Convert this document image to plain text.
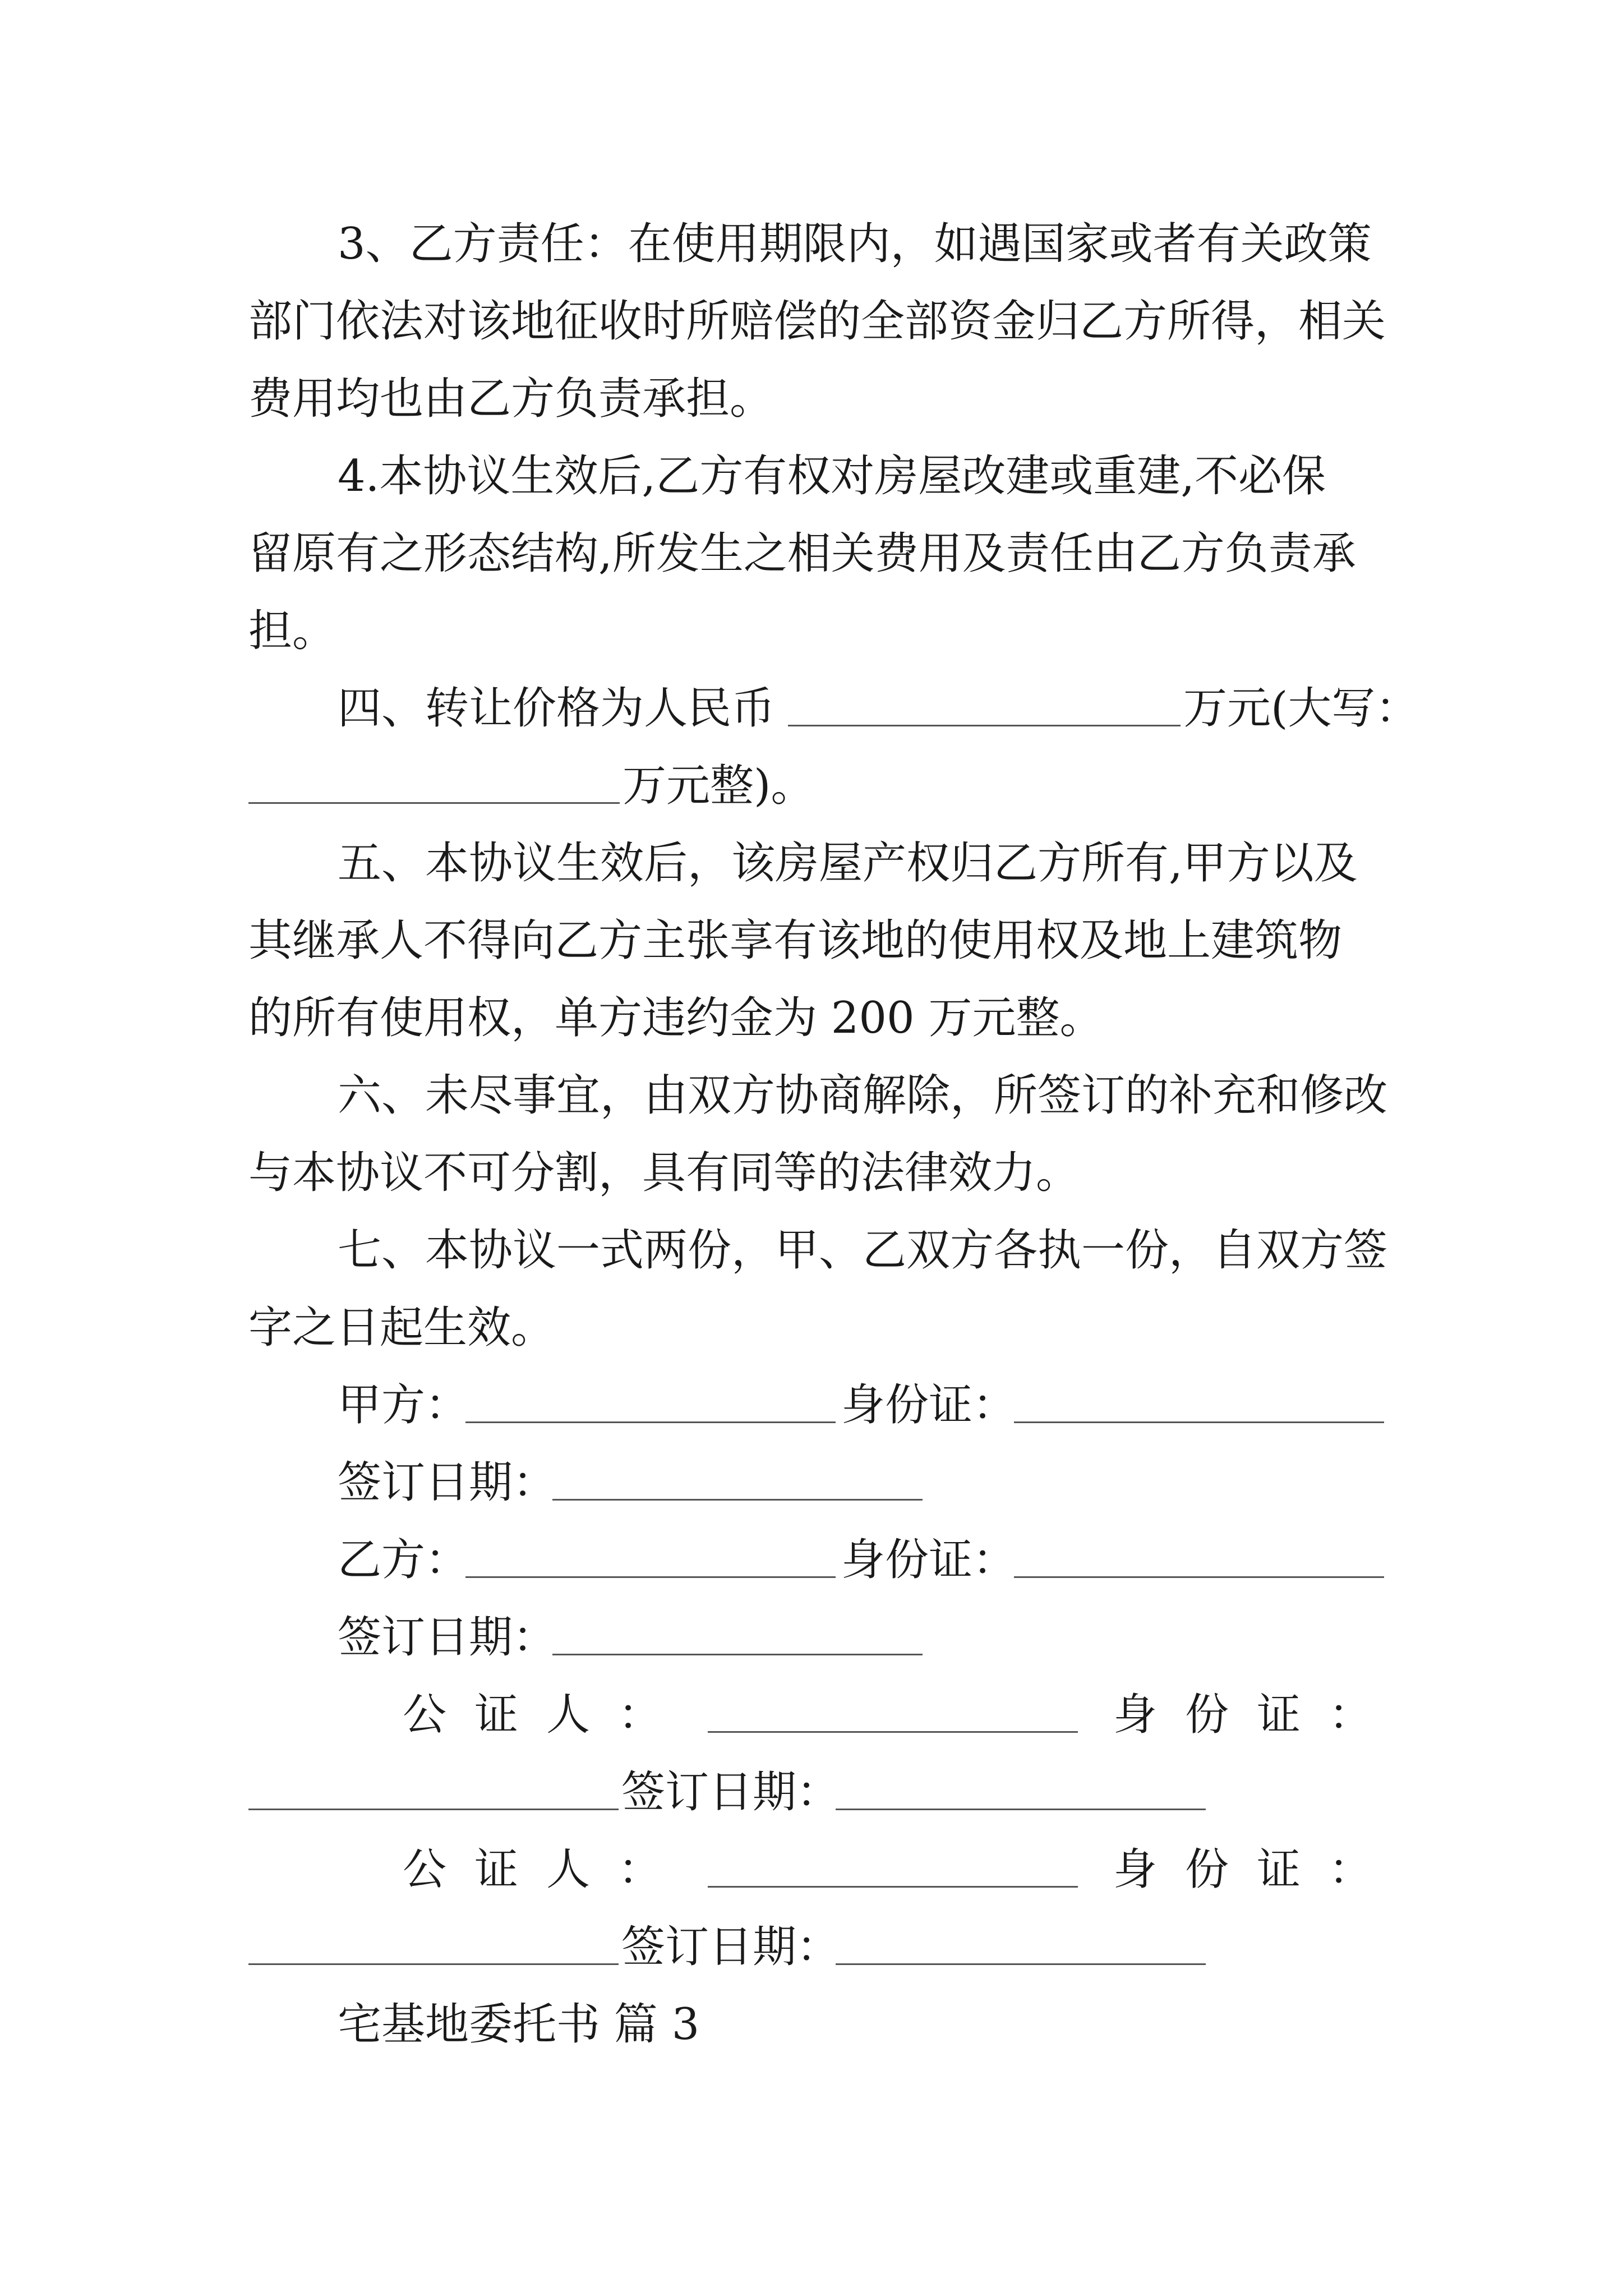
3、乙方责任：在使用期限内，如遇国家或者有关政策
部门依法对该地征收时所赔偿的全部资金归乙方所得，相关
费用均也由乙方负责承担。
4.本协议生效后,乙方有权对房屋改建或重建,不必保
留原有之形态结构,所发生之相关费用及责任由乙方负责承
担。
四、转让价格为人民币	万元(大写：
万元整)。
五、本协议生效后，该房屋产权归乙方所有,甲方以及
其继承人不得向乙方主张享有该地的使用权及地上建筑物
的所有使用权，单方违约金为 200 万元整。
六、未尽事宜，由双方协商解除，所签订的补充和修改
与本协议不可分割，具有同等的法律效力。
七、本协议一式两份，甲、乙双方各执一份，自双方签
字之日起生效。
甲方：	身份证：
签订日期：
乙方：	身份证：
签订日期：
公 证 人 ：	身 份 证 ：
签订日期：
公 证 人 ：	身 份 证 ：
签订日期：
宅基地委托书 篇 3
